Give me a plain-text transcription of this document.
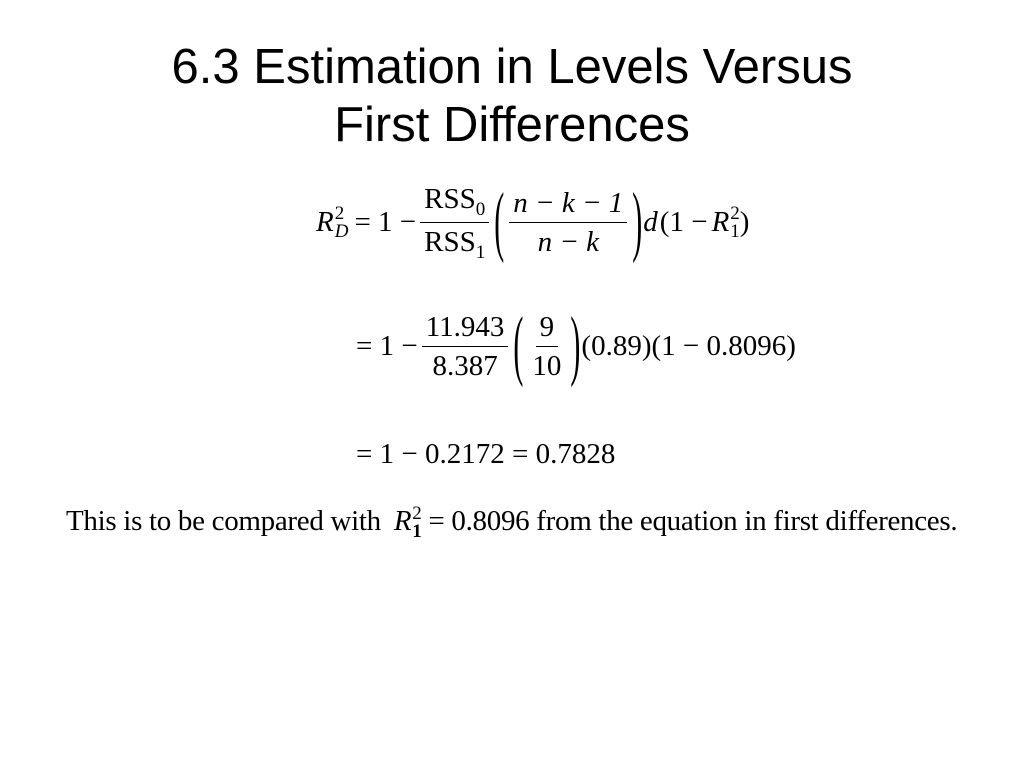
6.3 Estimation in Levels Versus
First Differences
R 2
$D = 1 - \frac{RSS_0}{RSS_1}$ ( $\frac{n - k - 1}{n - k}$ ) d (1 − R 2
1 )
= $1 - \frac{11.943}{8.387}$ ( $\frac{9}{10}$ ) (0.89)(1 − 0.8096)
= 1 − 0.2172 = 0.7828
This is to be compared with R 2
1 = 0.8096 from the equation in first differences.
